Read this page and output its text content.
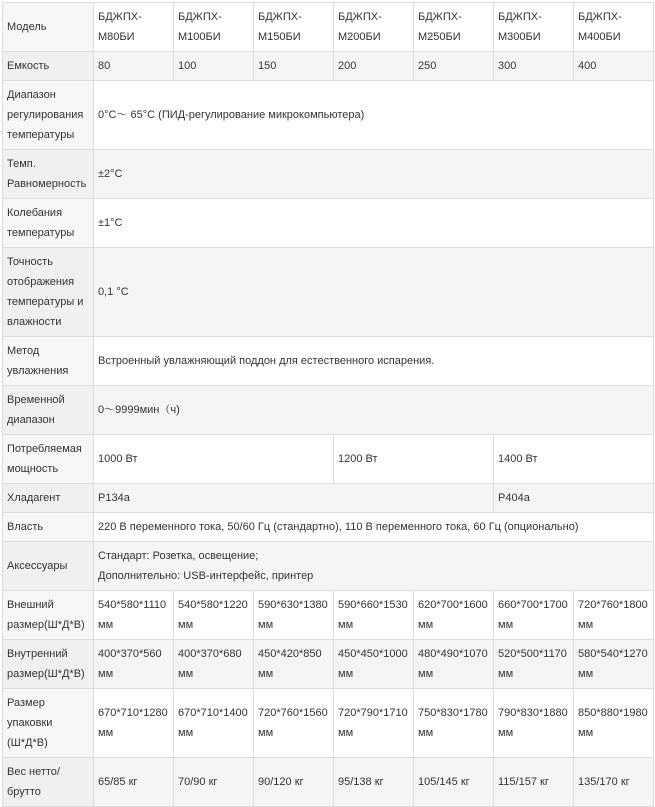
Модель	БДЖПХ-М80БИ	БДЖПХ-М100БИ	БДЖПХ-М150БИ	БДЖПХ-М200БИ	БДЖПХ-М250БИ	БДЖПХ-М300БИ	БДЖПХ-М400БИ
Емкость	80	100	150	200	250	300	400
Диапазон регулирования температуры	0°C～ 65°C (ПИД-регулирование микрокомпьютера)						
Темп. Равномерность	±2°C						
Колебания температуры	±1°C						
Точность отображения температуры и влажности	0,1 °C						
Метод увлажнения	Встроенный увлажняющий поддон для естественного испарения.						
Временной диапазон	0～9999мин（ч)						
Потребляемая мощность	1000 Вт			1200 Вт		1400 Вт	
Хладагент	P134a					P404a	
Власть	220 В переменного тока, 50/60 Гц (стандартно), 110 В переменного тока, 60 Гц (опционально)						
Аксессуары	Стандарт: Розетка, освещение;
Дополнительно: USB-интерфейс, принтер						

Внешний размер(Ш*Д*В)	540*580*1110 мм	540*580*1220 мм	590*630*1380 мм	590*660*1530 мм	620*700*1600 мм	660*700*1700 мм	720*760*1800 мм
Внутренний размер(Ш*Д*В)	400*370*560 мм	400*370*680 мм	450*420*850 мм	450*450*1000 мм	480*490*1070 мм	520*500*1170 мм	580*540*1270 мм
Размер упаковки (Ш*Д*В)	670*710*1280 мм	670*710*1400 мм	720*760*1560 мм	720*790*1710 мм	750*830*1780 мм	790*830*1880 мм	850*880*1980 мм
Вес нетто/ брутто	65/85 кг	70/90 кг	90/120 кг	95/138 кг	105/145 кг	115/157 кг	135/170 кг
